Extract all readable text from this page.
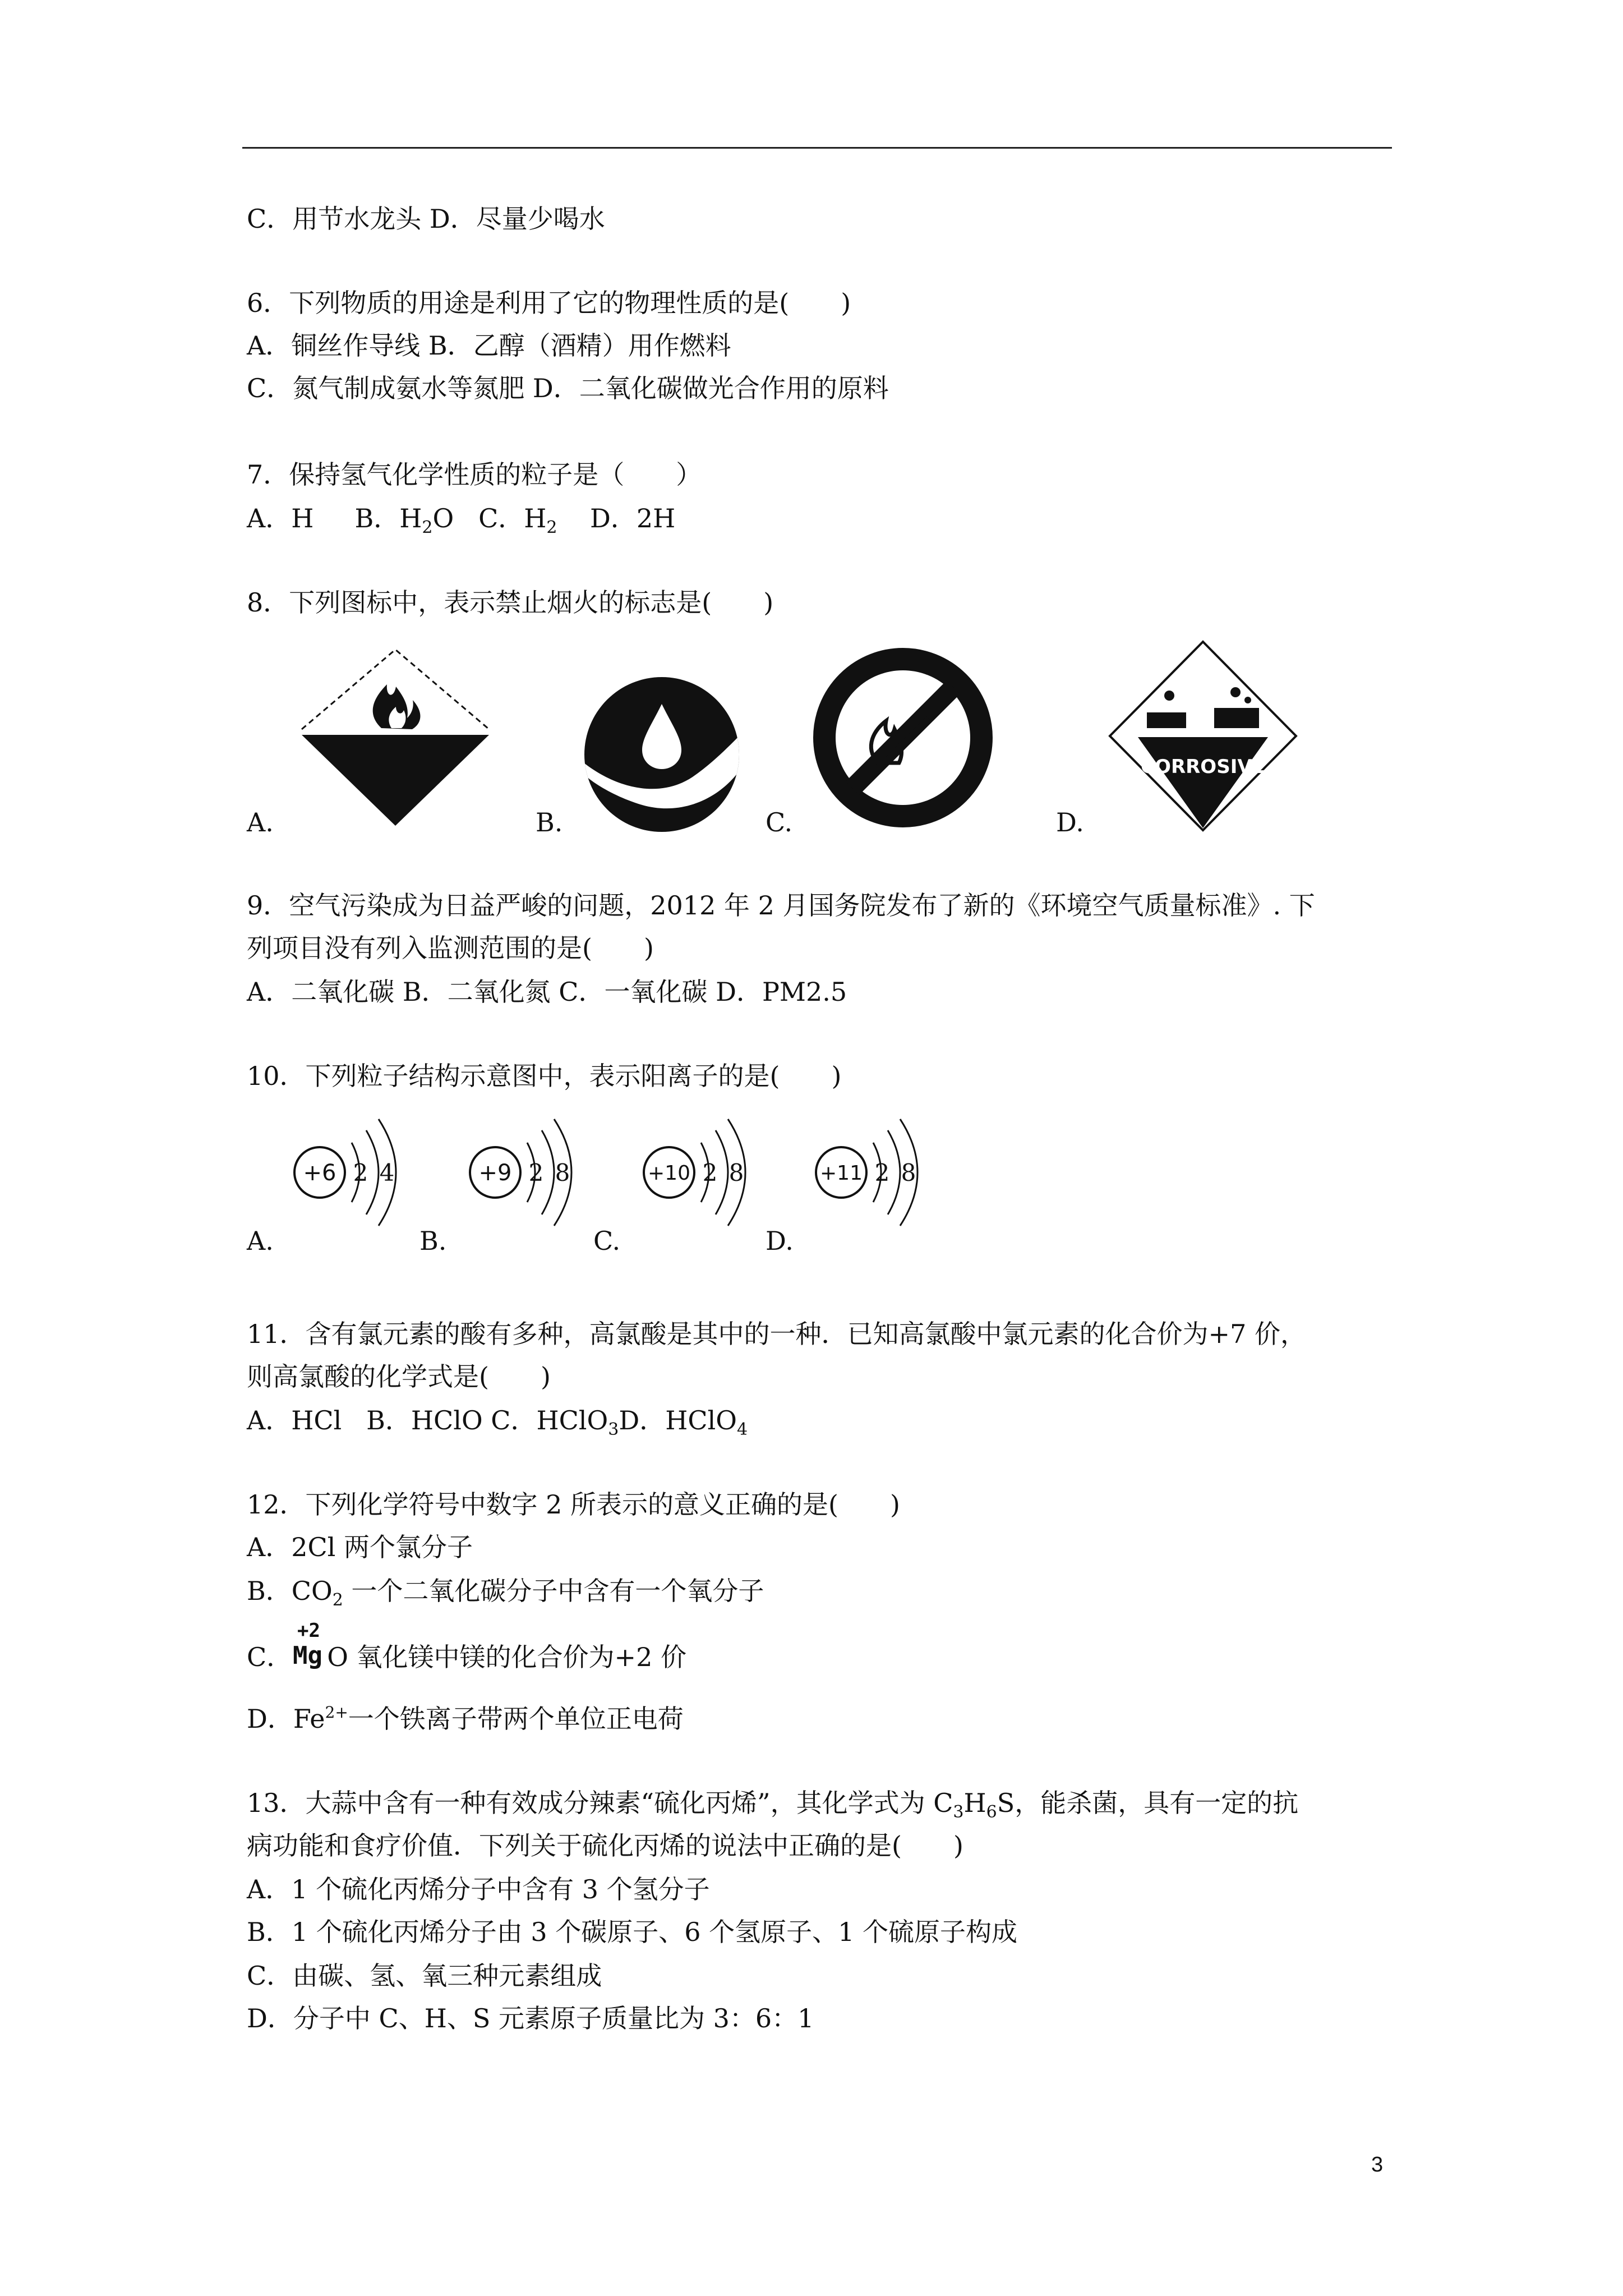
C．用节水龙头 D．尽量少喝水
6．下列物质的用途是利用了它的物理性质的是(　　)
A．铜丝作导线 B．乙醇（酒精）用作燃料
C．氮气制成氨水等氮肥 D．二氧化碳做光合作用的原料
7．保持氢气化学性质的粒子是（　　）
A．H B．$H_2O$ C．$H_2$ D．2H
8．下列图标中，表示禁止烟火的标志是(　　)
CORROSIVE
A.	B.	C.	D.
9．空气污染成为日益严峻的问题，2012 年 2 月国务院发布了新的《环境空气质量标准》. 下
列项目没有列入监测范围的是(　　)
A．二氧化碳 B．二氧化氮 C．一氧化碳 D．PM2.5
10．下列粒子结构示意图中，表示阳离子的是(　　)
+6 2 4	+9 2 8	+10 2 8	+11 2 8
A.	B.	C.	D.
11．含有氯元素的酸有多种，高氯酸是其中的一种．已知高氯酸中氯元素的化合价为+7 价，
则高氯酸的化学式是(　　)
A．HCl B．HClO C．HClO$_3$D．HClO$_4$
12．下列化学符号中数字 2 所表示的意义正确的是(　　)
A．2Cl 两个氯分子
B．$CO_2$ 一个二氧化碳分子中含有一个氧分子
C． O 氧化镁中镁的化合价为+2 价
+2
Mg
D．$Fe^{2+}$一个铁离子带两个单位正电荷
13．大蒜中含有一种有效成分辣素“硫化丙烯”，其化学式为 $C_3H_6S$，能杀菌，具有一定的抗
病功能和食疗价值．下列关于硫化丙烯的说法中正确的是(　　)
A．1 个硫化丙烯分子中含有 3 个氢分子
B．1 个硫化丙烯分子由 3 个碳原子、6 个氢原子、1 个硫原子构成
C．由碳、氢、氧三种元素组成
D．分子中 C、H、S 元素原子质量比为 3：6：1
3
